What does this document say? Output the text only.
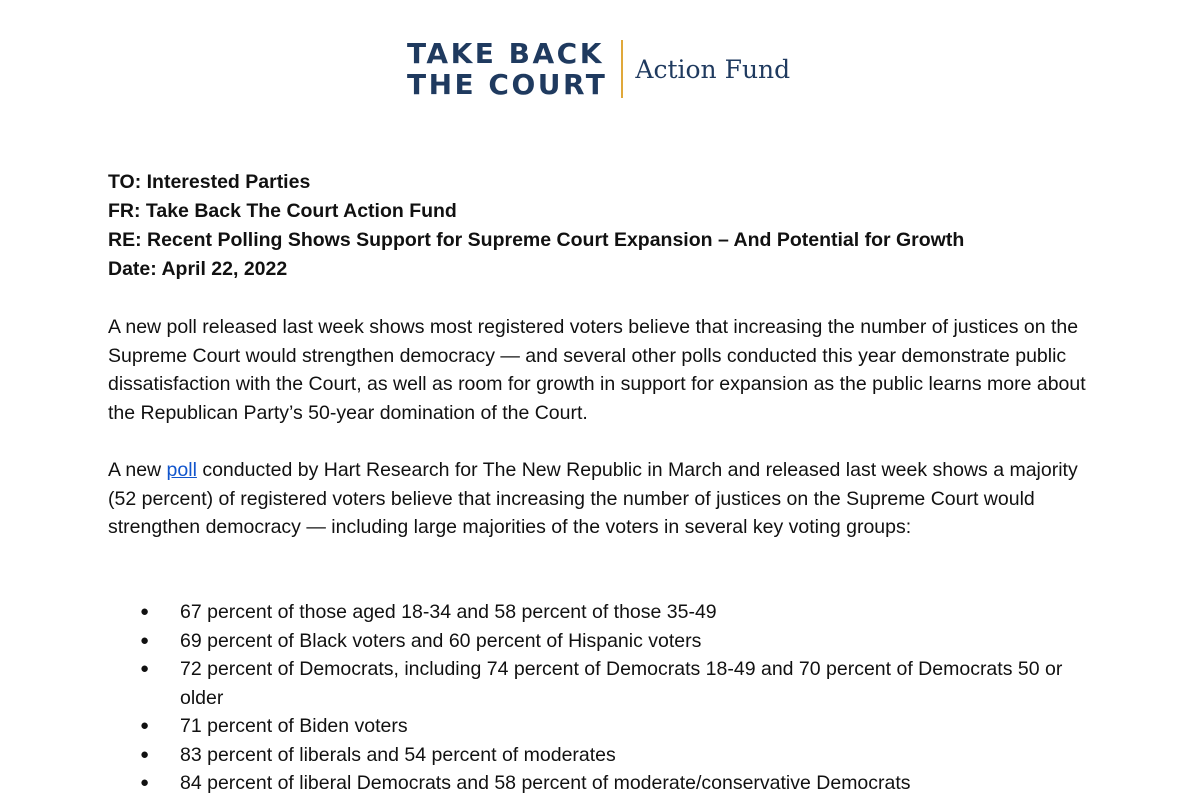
TAKE BACK
THE COURT Action Fund
TO: Interested Parties
FR: Take Back The Court Action Fund
RE: Recent Polling Shows Support for Supreme Court Expansion – And Potential for Growth
Date: April 22, 2022

A new poll released last week shows most registered voters believe that increasing the number of justices on the Supreme Court would strengthen democracy — and several other polls conducted this year demonstrate public dissatisfaction with the Court, as well as room for growth in support for expansion as the public learns more about the Republican Party’s 50-year domination of the Court.

A new poll conducted by Hart Research for The New Republic in March and released last week shows a majority (52 percent) of registered voters believe that increasing the number of justices on the Supreme Court would strengthen democracy — including large majorities of the voters in several key voting groups:

● 67 percent of those aged 18-34 and 58 percent of those 35-49
● 69 percent of Black voters and 60 percent of Hispanic voters
● 72 percent of Democrats, including 74 percent of Democrats 18-49 and 70 percent of Democrats 50 or older
● 71 percent of Biden voters
● 83 percent of liberals and 54 percent of moderates
● 84 percent of liberal Democrats and 58 percent of moderate/conservative Democrats
